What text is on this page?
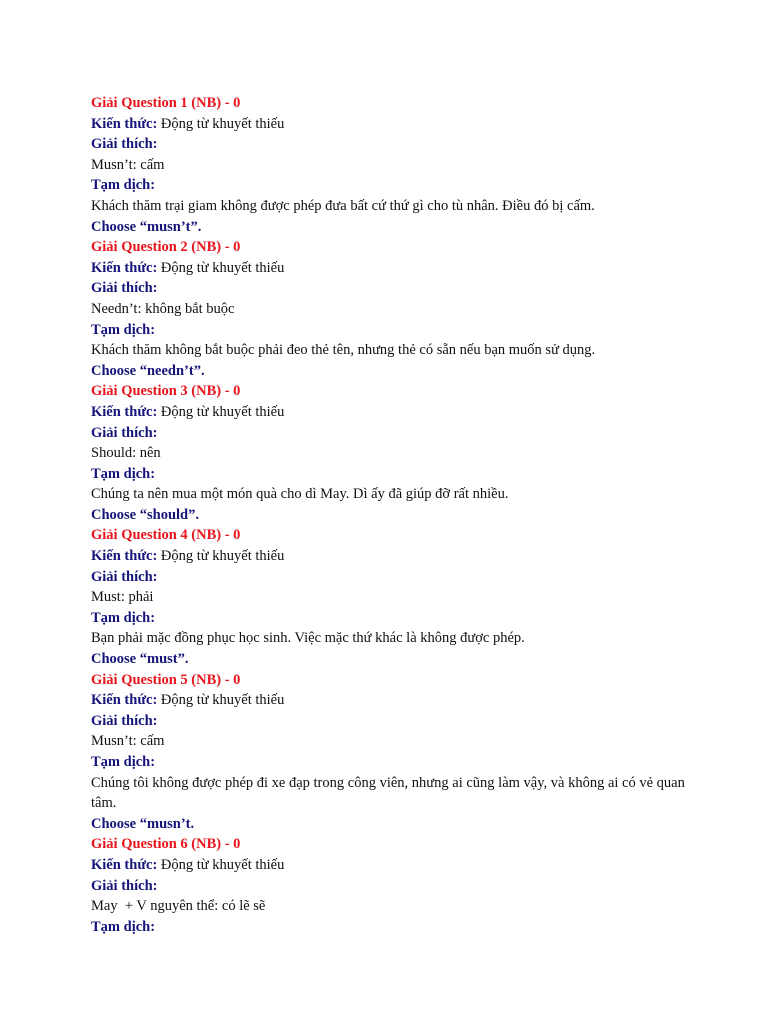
Giải Question 1 (NB) - 0
Kiến thức: Động từ khuyết thiếu
Giải thích:
Musn’t: cấm
Tạm dịch:
Khách thăm trại giam không được phép đưa bất cứ thứ gì cho tù nhân. Điều đó bị cấm.
Choose “musn’t”.
Giải Question 2 (NB) - 0
Kiến thức: Động từ khuyết thiếu
Giải thích:
Needn’t: không bắt buộc
Tạm dịch:
Khách thăm không bắt buộc phải đeo thẻ tên, nhưng thẻ có sẵn nếu bạn muốn sử dụng.
Choose “needn’t”.
Giải Question 3 (NB) - 0
Kiến thức: Động từ khuyết thiếu
Giải thích:
Should: nên
Tạm dịch:
Chúng ta nên mua một món quà cho dì May. Dì ấy đã giúp đỡ rất nhiều.
Choose “should”.
Giải Question 4 (NB) - 0
Kiến thức: Động từ khuyết thiếu
Giải thích:
Must: phải
Tạm dịch:
Bạn phải mặc đồng phục học sinh. Việc mặc thứ khác là không được phép.
Choose “must”.
Giải Question 5 (NB) - 0
Kiến thức: Động từ khuyết thiếu
Giải thích:
Musn’t: cấm
Tạm dịch:
Chúng tôi không được phép đi xe đạp trong công viên, nhưng ai cũng làm vậy, và không ai có vẻ quan tâm.
Choose “musn’t.
Giải Question 6 (NB) - 0
Kiến thức: Động từ khuyết thiếu
Giải thích:
May  + V nguyên thể: có lẽ sẽ
Tạm dịch:
